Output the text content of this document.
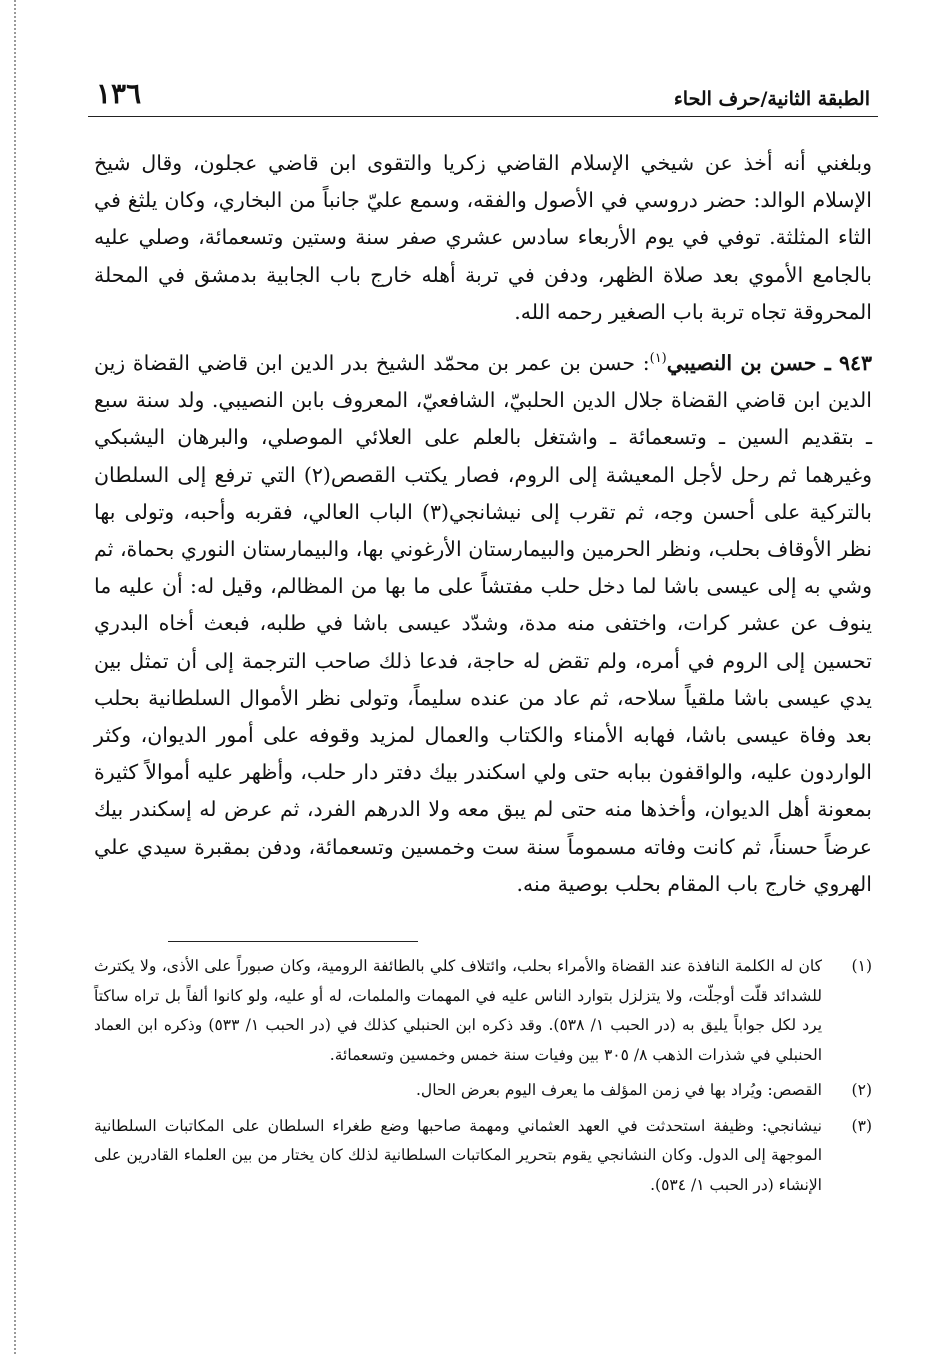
الطبقة الثانية/حرف الحاء
١٣٦

وبلغني أنه أخذ عن شيخي الإسلام القاضي زكريا والتقوى ابن قاضي عجلون، وقال شيخ الإسلام الوالد: حضر دروسي في الأصول والفقه، وسمع عليّ جانباً من البخاري، وكان يلثغ في الثاء المثلثة. توفي في يوم الأربعاء سادس عشري صفر سنة وستين وتسعمائة، وصلي عليه بالجامع الأموي بعد صلاة الظهر، ودفن في تربة أهله خارج باب الجابية بدمشق في المحلة المحروقة تجاه تربة باب الصغير رحمه الله.

٩٤٣ ـ حسن بن النصيبي$^{(١)}$: حسن بن عمر بن محمّد الشيخ بدر الدين ابن قاضي القضاة زين الدين ابن قاضي القضاة جلال الدين الحلبيّ، الشافعيّ، المعروف بابن النصيبي. ولد سنة سبع ـ بتقديم السين ـ وتسعمائة ـ واشتغل بالعلم على العلائي الموصلي، والبرهان اليشبكي وغيرهما ثم رحل لأجل المعيشة إلى الروم، فصار يكتب القصص(٢) التي ترفع إلى السلطان بالتركية على أحسن وجه، ثم تقرب إلى نيشانجي(٣) الباب العالي، فقربه وأحبه، وتولى بها نظر الأوقاف بحلب، ونظر الحرمين والبيمارستان الأرغوني بها، والبيمارستان النوري بحماة، ثم وشي به إلى عيسى باشا لما دخل حلب مفتشاً على ما بها من المظالم، وقيل له: أن عليه ما ينوف عن عشر كرات، واختفى منه مدة، وشدّد عيسى باشا في طلبه، فبعث أخاه البدري تحسين إلى الروم في أمره، ولم تقض له حاجة، فدعا ذلك صاحب الترجمة إلى أن تمثل بين يدي عيسى باشا ملقياً سلاحه، ثم عاد من عنده سليماً، وتولى نظر الأموال السلطانية بحلب بعد وفاة عيسى باشا، فهابه الأمناء والكتاب والعمال لمزيد وقوفه على أمور الديوان، وكثر الواردون عليه، والواقفون ببابه حتى ولي اسكندر بيك دفتر دار حلب، وأظهر عليه أموالاً كثيرة بمعونة أهل الديوان، وأخذها منه حتى لم يبق معه ولا الدرهم الفرد، ثم عرض له إسكندر بيك عرضاً حسناً، ثم كانت وفاته مسموماً سنة ست وخمسين وتسعمائة، ودفن بمقبرة سيدي علي الهروي خارج باب المقام بحلب بوصية منه.

(١)
كان له الكلمة النافذة عند القضاة والأمراء بحلب، وائتلاف كلي بالطائفة الرومية، وكان صبوراً على الأذى، ولا يكترث للشدائد قلّت أوجلّت، ولا يتزلزل بتوارد الناس عليه في المهمات والملمات، له أو عليه، ولو كانوا ألفاً بل تراه ساكتاً يرد لكل جواباً يليق به (در الحبب ١/ ٥٣٨). وقد ذكره ابن الحنبلي كذلك في (در الحبب ١/ ٥٣٣) وذكره ابن العماد الحنبلي في شذرات الذهب ٨/ ٣٠٥ بين وفيات سنة خمس وخمسين وتسعمائة.
(٢)
القصص: ويُراد بها في زمن المؤلف ما يعرف اليوم بعرض الحال.
(٣)
نيشانجي: وظيفة استحدثت في العهد العثماني ومهمة صاحبها وضع طغراء السلطان على المكاتبات السلطانية الموجهة إلى الدول. وكان النشانجي يقوم بتحرير المكاتبات السلطانية لذلك كان يختار من بين العلماء القادرين على الإنشاء (در الحبب ١/ ٥٣٤).
